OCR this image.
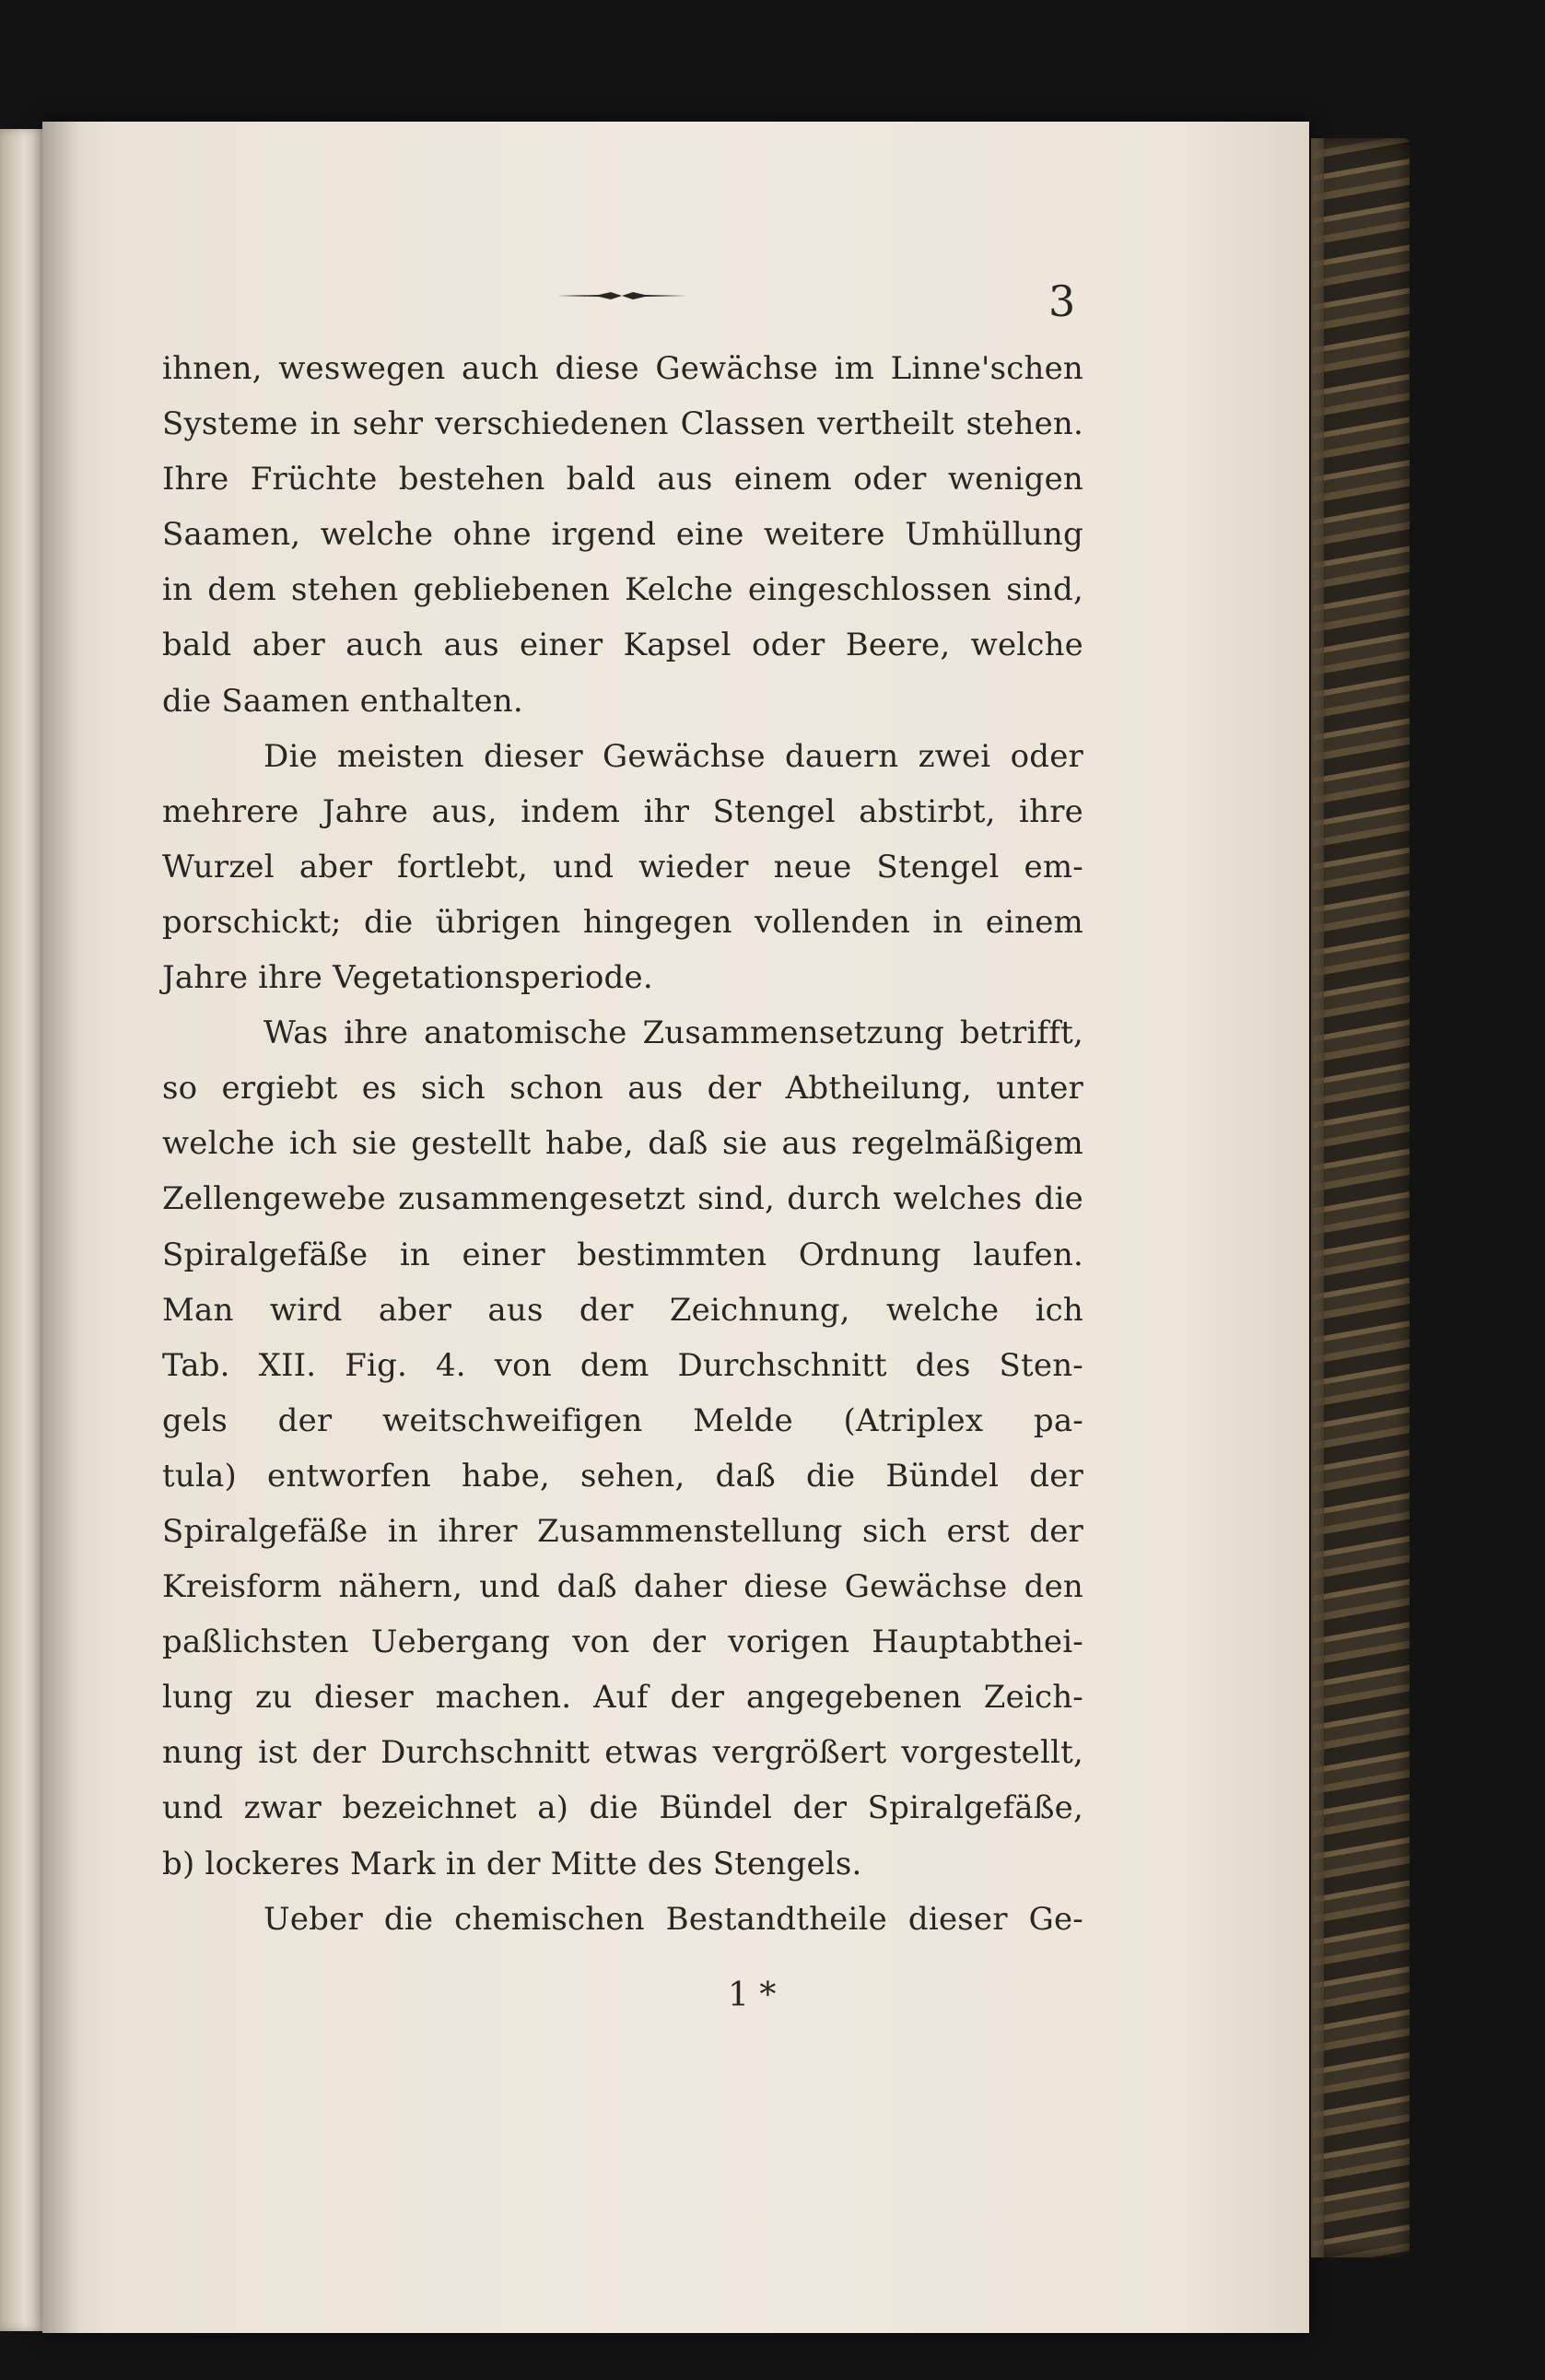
3
ihnen, weswegen auch diese Gewächse im Linne'schen
Systeme in sehr verschiedenen Classen vertheilt stehen.
Ihre Früchte bestehen bald aus einem oder wenigen
Saamen, welche ohne irgend eine weitere Umhüllung
in dem stehen gebliebenen Kelche eingeschlossen sind,
bald aber auch aus einer Kapsel oder Beere, welche
die Saamen enthalten.
Die meisten dieser Gewächse dauern zwei oder
mehrere Jahre aus, indem ihr Stengel abstirbt, ihre
Wurzel aber fortlebt, und wieder neue Stengel em-
porschickt; die übrigen hingegen vollenden in einem
Jahre ihre Vegetationsperiode.
Was ihre anatomische Zusammensetzung betrifft,
so ergiebt es sich schon aus der Abtheilung, unter
welche ich sie gestellt habe, daß sie aus regelmäßigem
Zellengewebe zusammengesetzt sind, durch welches die
Spiralgefäße in einer bestimmten Ordnung laufen.
Man wird aber aus der Zeichnung, welche ich
Tab. XII. Fig. 4. von dem Durchschnitt des Sten-
gels der weitschweifigen Melde (Atriplex pa-
tula) entworfen habe, sehen, daß die Bündel der
Spiralgefäße in ihrer Zusammenstellung sich erst der
Kreisform nähern, und daß daher diese Gewächse den
paßlichsten Uebergang von der vorigen Hauptabthei-
lung zu dieser machen. Auf der angegebenen Zeich-
nung ist der Durchschnitt etwas vergrößert vorgestellt,
und zwar bezeichnet a) die Bündel der Spiralgefäße,
b) lockeres Mark in der Mitte des Stengels.
Ueber die chemischen Bestandtheile dieser Ge-
1 *
